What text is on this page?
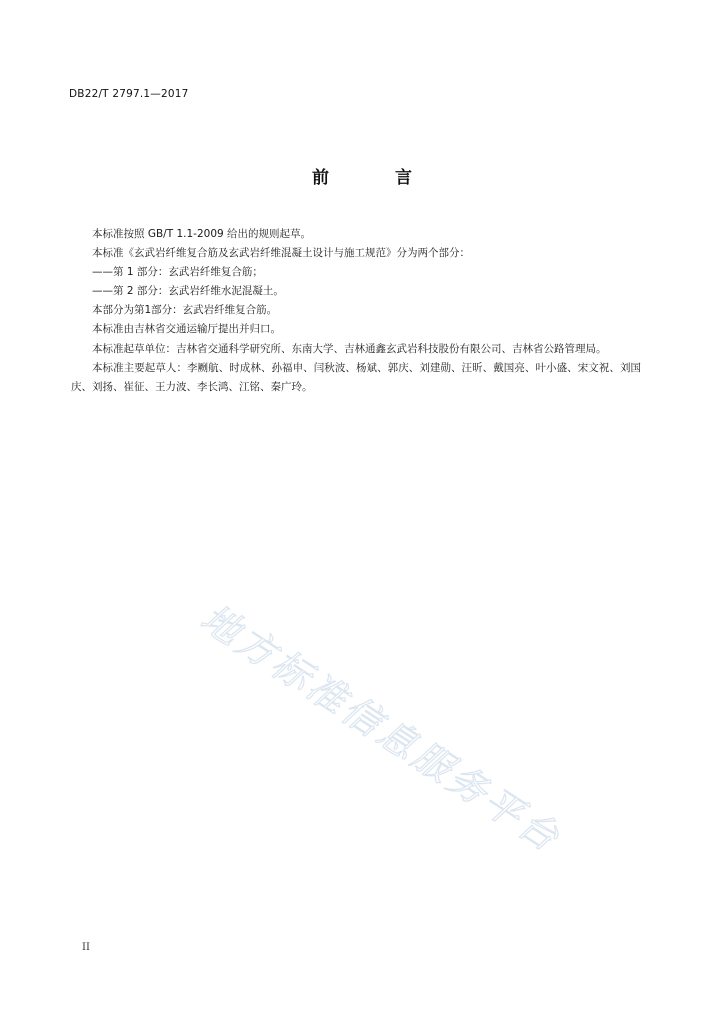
DB22/T 2797.1—2017
前 言

本标准按照 GB/T 1.1-2009 给出的规则起草。

本标准《玄武岩纤维复合筋及玄武岩纤维混凝土设计与施工规范》分为两个部分：

——第 1 部分：玄武岩纤维复合筋；

——第 2 部分：玄武岩纤维水泥混凝土。

本部分为第1部分：玄武岩纤维复合筋。

本标准由吉林省交通运输厅提出并归口。

本标准起草单位：吉林省交通科学研究所、东南大学、吉林通鑫玄武岩科技股份有限公司、吉林省公路管理局。

本标准主要起草人：李劂航、时成林、孙福申、闫秋波、杨斌、郭庆、刘建勋、汪昕、戴国亮、叶小盛、宋文祝、刘国庆、刘扬、崔征、王力波、李长鸿、江铭、秦广玲。

地方标准信息服务平台
II
